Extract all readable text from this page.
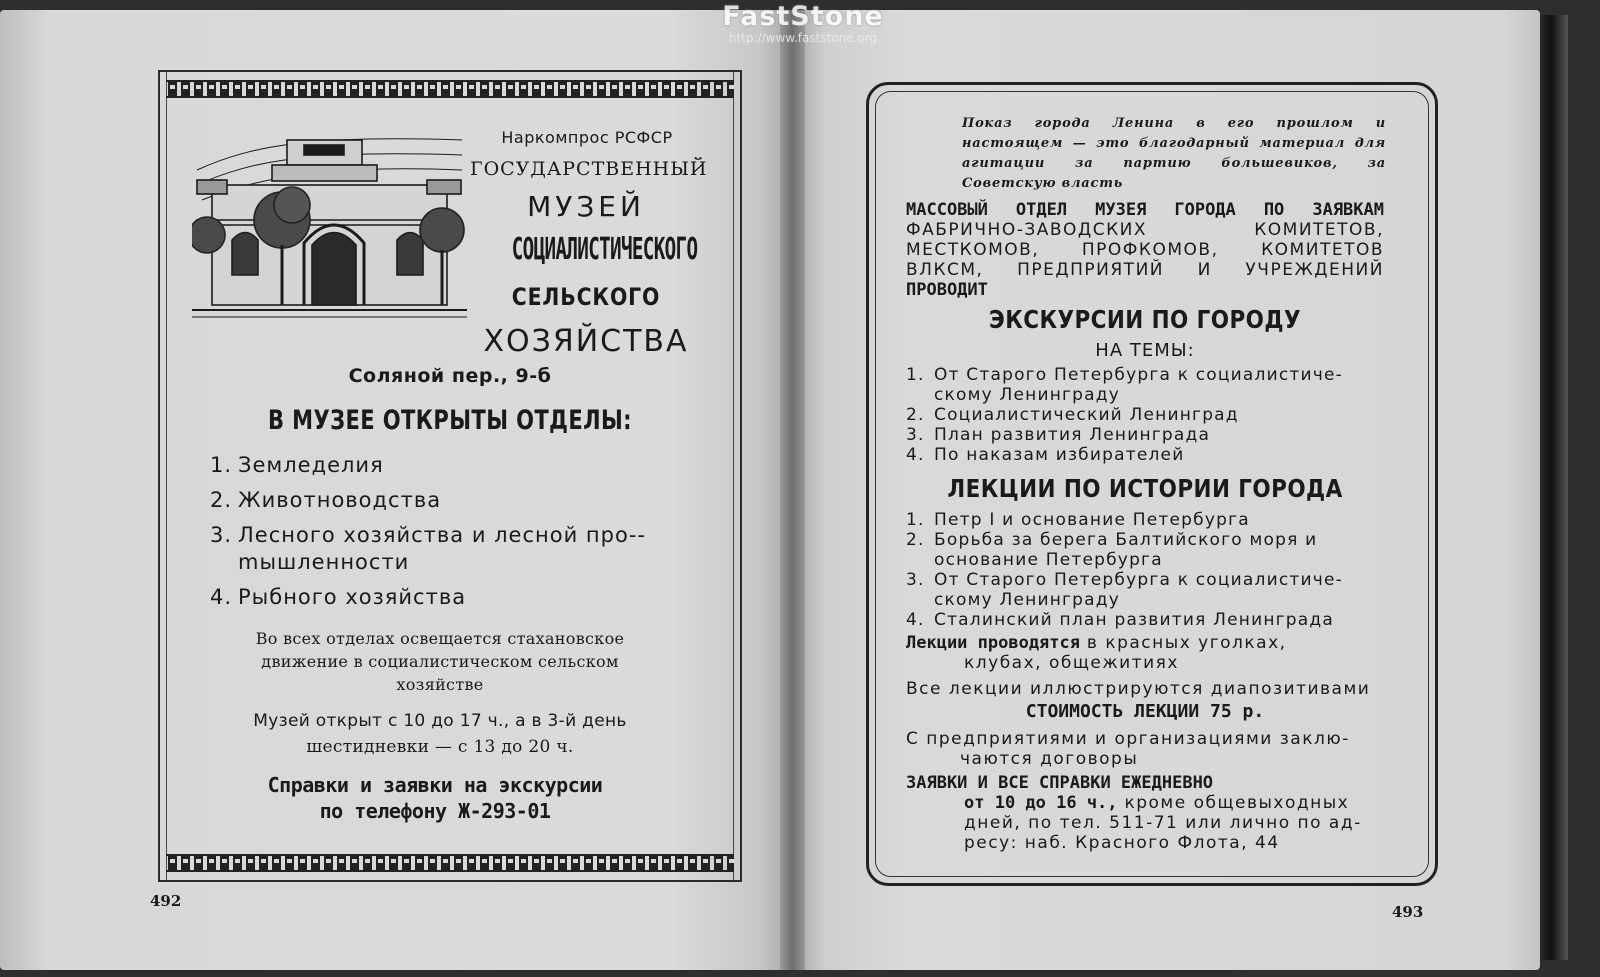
FastStone
http://www.faststone.org
Наркомпрос РСФСР
ГОСУДАРСТВЕННЫЙ
МУЗЕЙ
СОЦИАЛИСТИЧЕСКОГО
СЕЛЬСКОГО
ХОЗЯЙСТВА
Соляной пер., 9-б
В МУЗЕЕ ОТКРЫТЫ ОТДЕЛЫ:
1. Земледелия
2. Животноводства
3. Лесного хозяйства и лесной про-mышленности
4. Рыбного хозяйства
Во всех отделах освещается стахановское движение в социалистическом сельском хозяйстве
Музей открыт с 10 до 17 ч., а в 3-й день
шестидневки — с 13 до 20 ч.
Справки и заявки на экскурсии
по телефону Ж-293-01
492
Показ города Ленина в его прошлом и настоящем — это благодарный материал для агитации за партию большевиков, за Советскую власть
МАССОВЫЙ ОТДЕЛ МУЗЕЯ ГОРОДА ПО ЗАЯВКАМ ФАБРИЧНО-ЗАВОДСКИХ КОМИТЕТОВ, МЕСТКОМОВ, ПРОФКОМОВ, КОМИТЕТОВ ВЛКСМ, ПРЕДПРИЯТИЙ И УЧРЕЖДЕНИЙ ПРОВОДИТ
ЭКСКУРСИИ ПО ГОРОДУ
НА ТЕМЫ:
1. От Старого Петербурга к социалистиче-скому Ленинграду
2. Социалистический Ленинград
3. План развития Ленинграда
4. По наказам избирателей
ЛЕКЦИИ ПО ИСТОРИИ ГОРОДА
1. Петр I и основание Петербурга
2. Борьба за берега Балтийского моря и основание Петербурга
3. От Старого Петербурга к социалистиче-скому Ленинграду
4. Сталинский план развития Ленинграда
Лекции проводятся в красных уголках,
клубах, общежитиях
Все лекции иллюстрируются диапозитивами
СТОИМОСТЬ ЛЕКЦИИ 75 р.
С предприятиями и организациями заклю-
чаются договоры
ЗАЯВКИ И ВСЕ СПРАВКИ ЕЖЕДНЕВНО
от 10 до 16 ч., кроме общевыходных
дней, по тел. 511-71 или лично по ад-
ресу: наб. Красного Флота, 44
493
